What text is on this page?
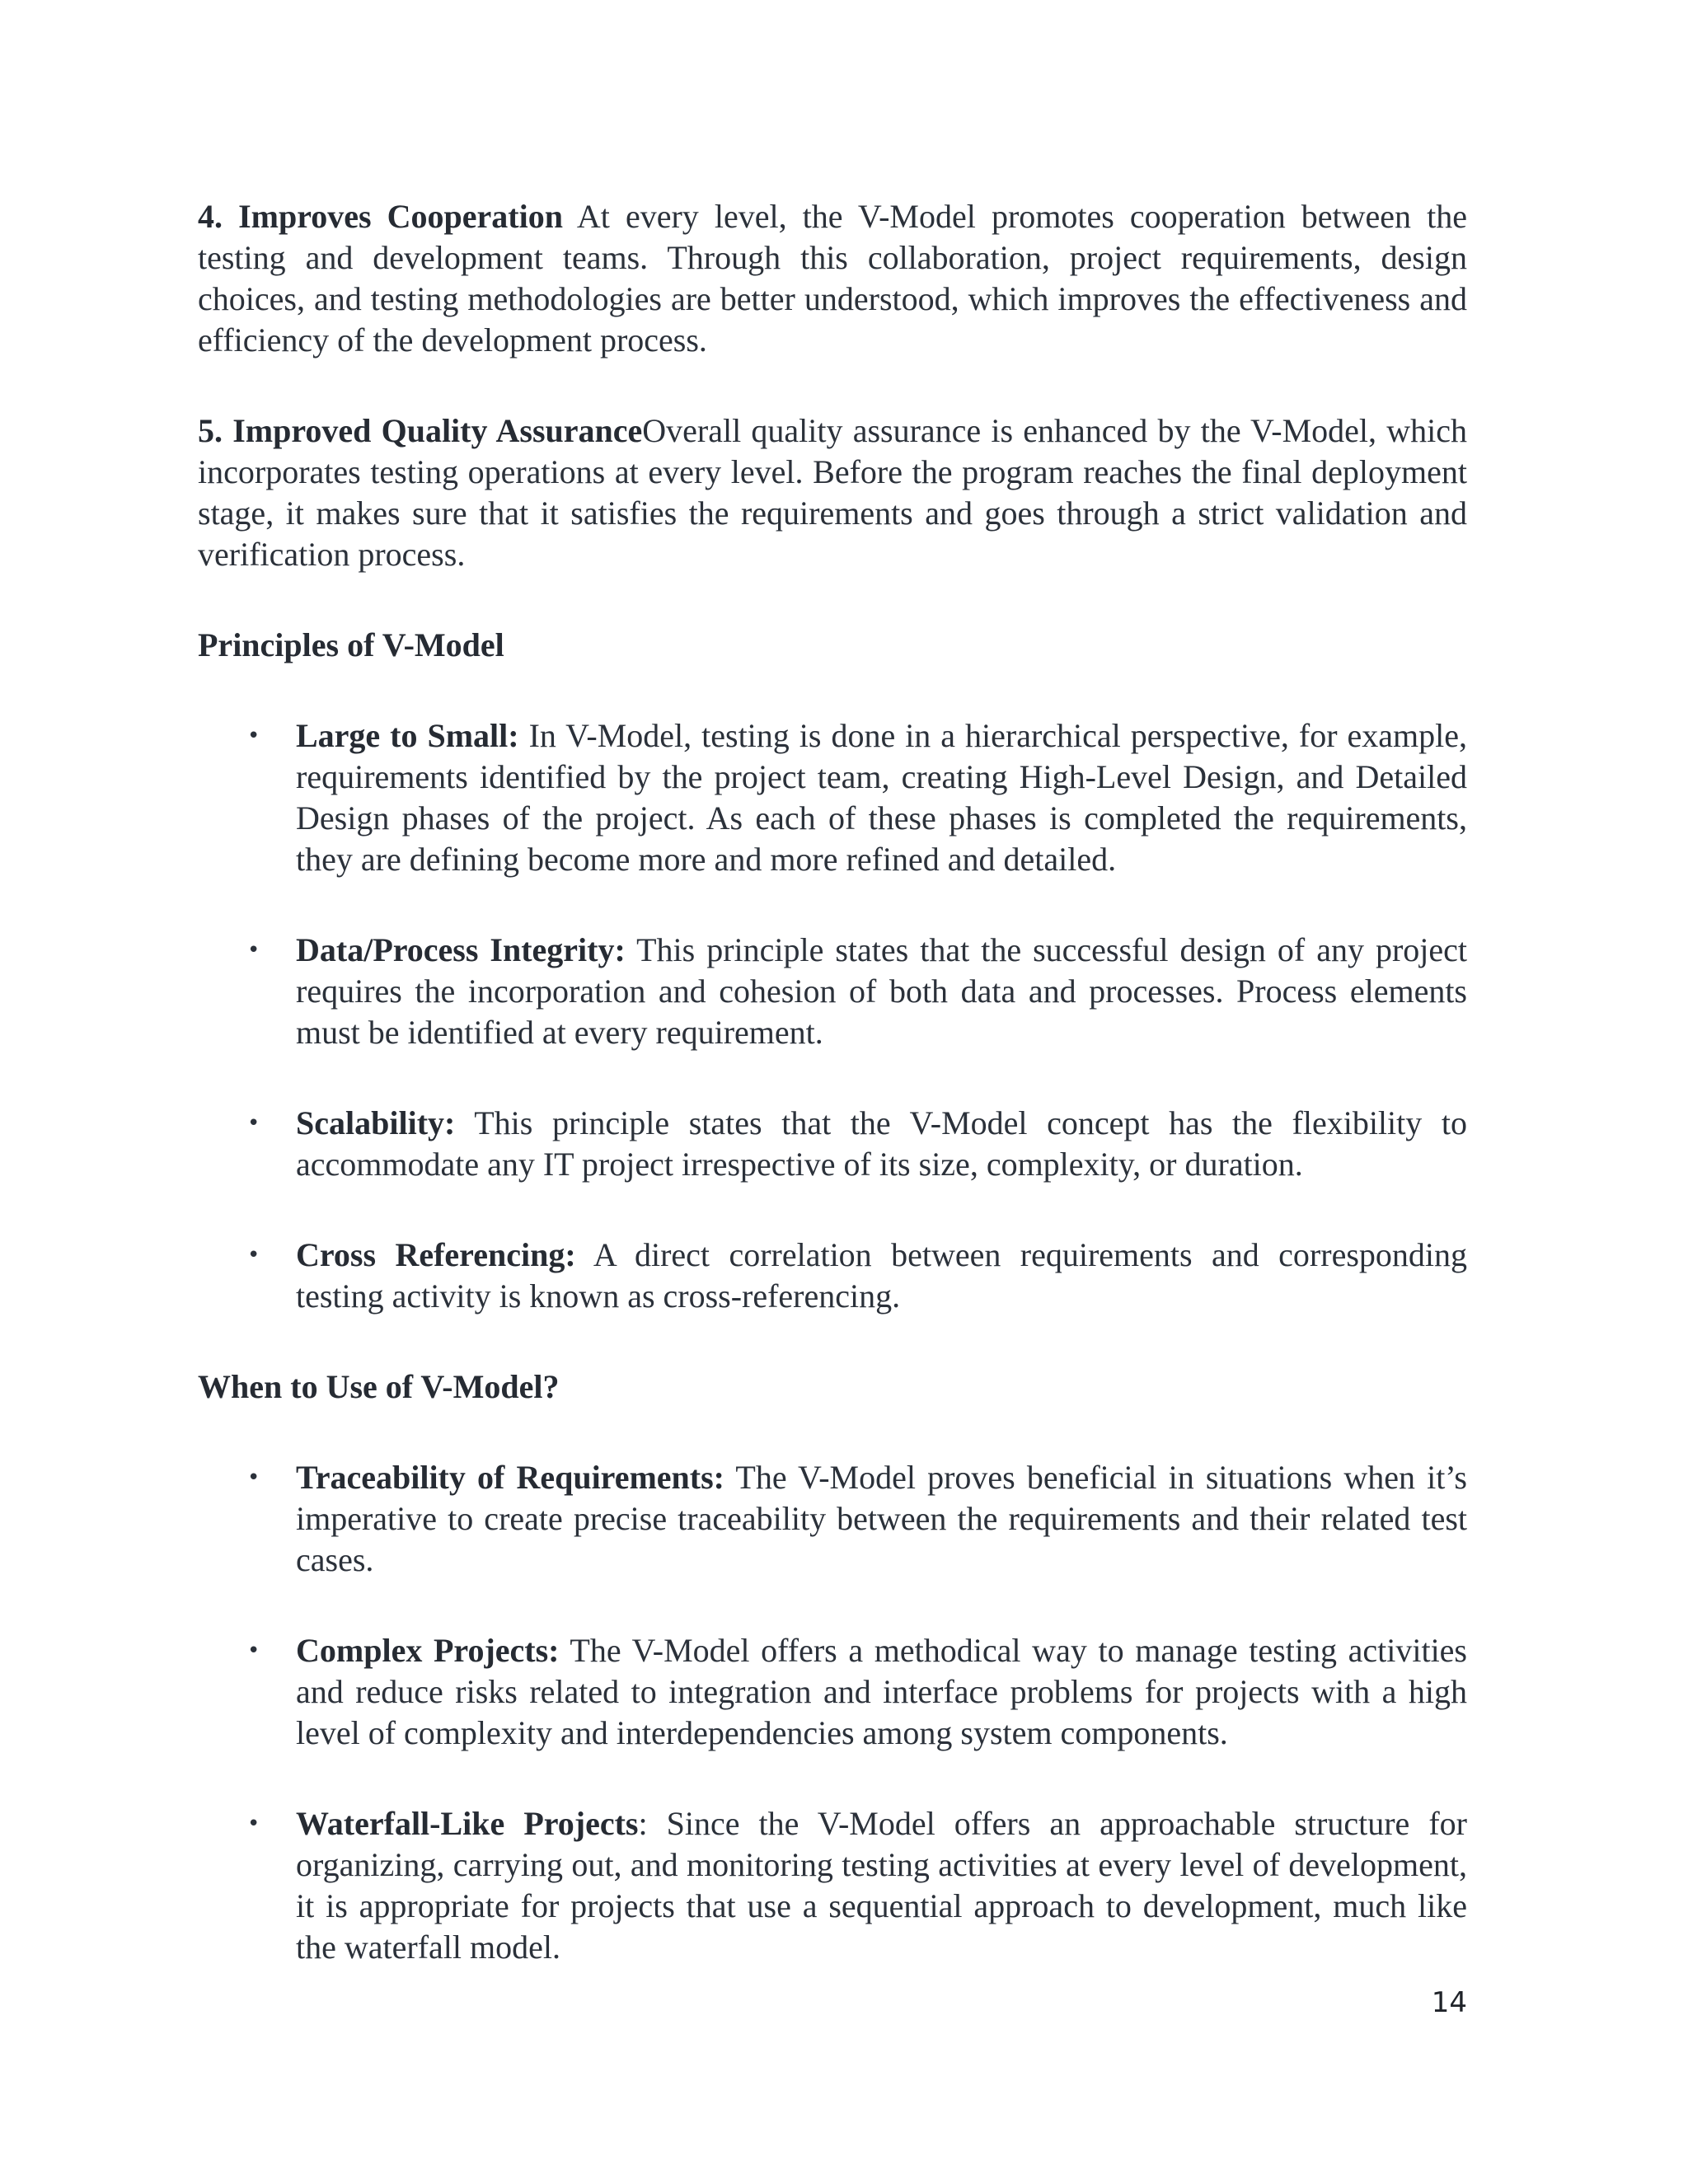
4. Improves Cooperation At every level, the V-Model promotes cooperation between the testing and development teams. Through this collaboration, project requirements, design choices, and testing methodologies are better understood, which improves the effectiveness and efficiency of the development process.

5. Improved Quality AssuranceOverall quality assurance is enhanced by the V-Model, which incorporates testing operations at every level. Before the program reaches the final deployment stage, it makes sure that it satisfies the requirements and goes through a strict validation and verification process.

Principles of V-Model

•	Large to Small: In V-Model, testing is done in a hierarchical perspective, for example, requirements identified by the project team, creating High-Level Design, and Detailed Design phases of the project. As each of these phases is completed the requirements, they are defining become more and more refined and detailed.
•	Data/Process Integrity: This principle states that the successful design of any project requires the incorporation and cohesion of both data and processes. Process elements must be identified at every requirement.
•	Scalability: This principle states that the V-Model concept has the flexibility to accommodate any IT project irrespective of its size, complexity, or duration.
•	Cross Referencing: A direct correlation between requirements and corresponding testing activity is known as cross-referencing.

When to Use of V-Model?

•	Traceability of Requirements: The V-Model proves beneficial in situations when it’s imperative to create precise traceability between the requirements and their related test cases.
•	Complex Projects: The V-Model offers a methodical way to manage testing activities and reduce risks related to integration and interface problems for projects with a high level of complexity and interdependencies among system components.
•	Waterfall-Like Projects: Since the V-Model offers an approachable structure for organizing, carrying out, and monitoring testing activities at every level of development, it is appropriate for projects that use a sequential approach to development, much like the waterfall model.
14
